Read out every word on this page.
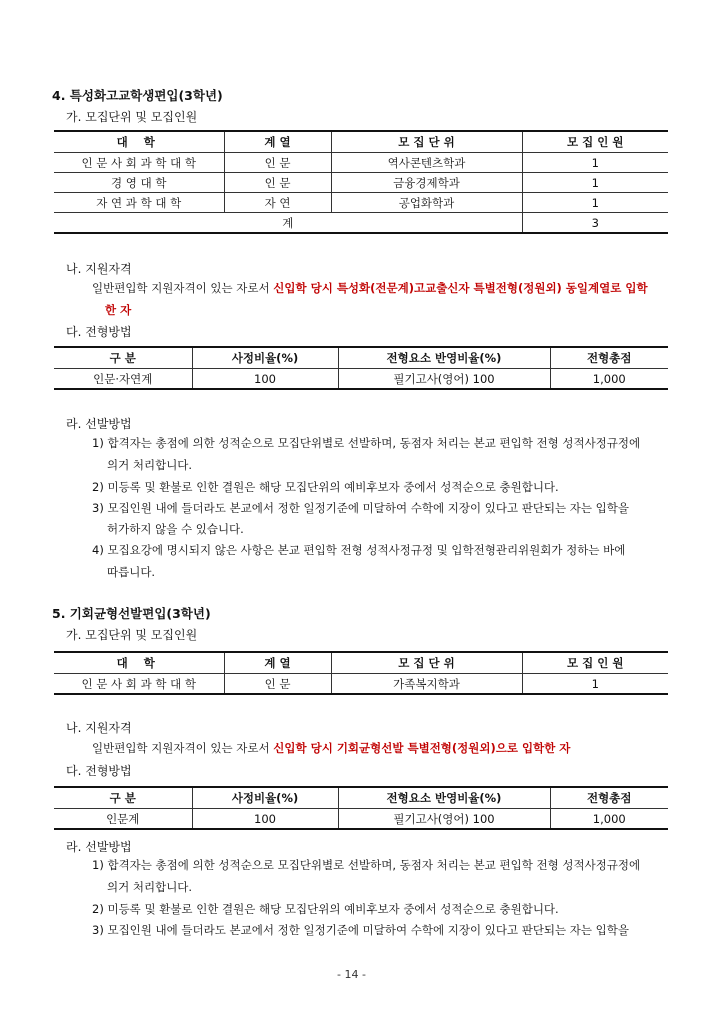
4. 특성화고교학생편입(3학년)
가. 모집단위 및 모집인원
대 학	계 열	모 집 단 위	모 집 인 원
인 문 사 회 과 학 대 학	인 문	역사콘텐츠학과	1
경 영 대 학	인 문	금융경제학과	1
자 연 과 학 대 학	자 연	공업화학과	1
계			3
나. 지원자격
일반편입학 지원자격이 있는 자로서 신입학 당시 특성화(전문계)고교출신자 특별전형(정원외) 동일계열로 입학
한 자
다. 전형방법
구 분	사정비율(%)	전형요소 반영비율(%)	전형총점
인문·자연계	100	필기고사(영어) 100	1,000
라. 선발방법
1) 합격자는 총점에 의한 성적순으로 모집단위별로 선발하며, 동점자 처리는 본교 편입학 전형 성적사정규정에
의거 처리합니다.
2) 미등록 및 환불로 인한 결원은 해당 모집단위의 예비후보자 중에서 성적순으로 충원합니다.
3) 모집인원 내에 들더라도 본교에서 정한 일정기준에 미달하여 수학에 지장이 있다고 판단되는 자는 입학을
허가하지 않을 수 있습니다.
4) 모집요강에 명시되지 않은 사항은 본교 편입학 전형 성적사정규정 및 입학전형관리위원회가 정하는 바에
따릅니다.
5. 기회균형선발편입(3학년)
가. 모집단위 및 모집인원
대 학	계 열	모 집 단 위	모 집 인 원
인 문 사 회 과 학 대 학	인 문	가족복지학과	1
나. 지원자격
일반편입학 지원자격이 있는 자로서 신입학 당시 기회균형선발 특별전형(정원외)으로 입학한 자
다. 전형방법
구 분	사정비율(%)	전형요소 반영비율(%)	전형총점
인문계	100	필기고사(영어) 100	1,000
라. 선발방법
1) 합격자는 총점에 의한 성적순으로 모집단위별로 선발하며, 동점자 처리는 본교 편입학 전형 성적사정규정에
의거 처리합니다.
2) 미등록 및 환불로 인한 결원은 해당 모집단위의 예비후보자 중에서 성적순으로 충원합니다.
3) 모집인원 내에 들더라도 본교에서 정한 일정기준에 미달하여 수학에 지장이 있다고 판단되는 자는 입학을
- 14 -
